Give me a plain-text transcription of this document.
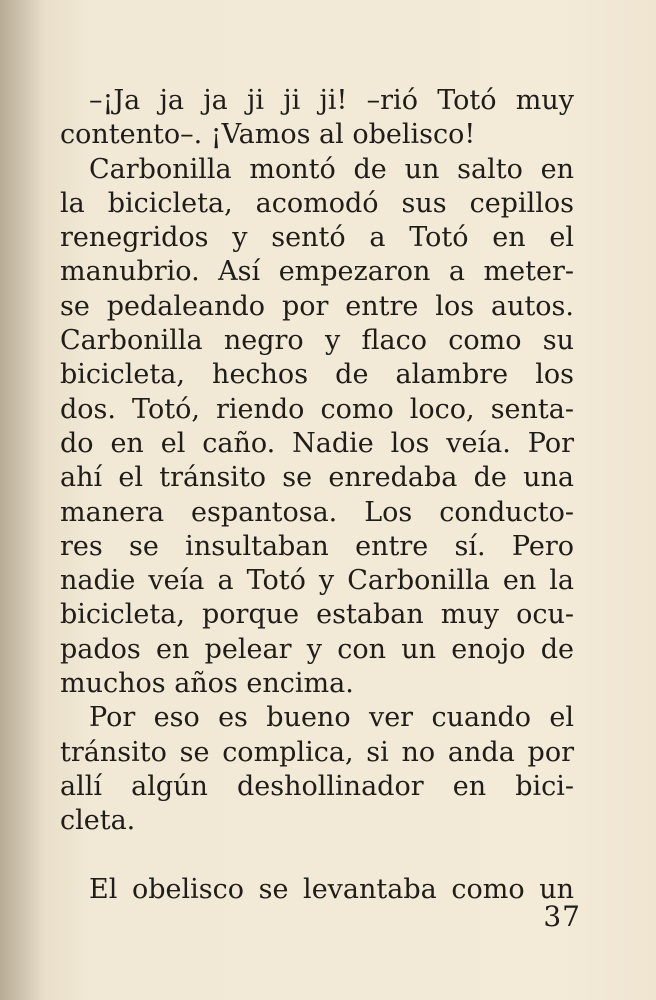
–¡Ja ja ja ji ji ji! –rió Totó muy
contento–. ¡Vamos al obelisco!
Carbonilla montó de un salto en
la bicicleta, acomodó sus cepillos
renegridos y sentó a Totó en el
manubrio. Así empezaron a meter-
se pedaleando por entre los autos.
Carbonilla negro y flaco como su
bicicleta, hechos de alambre los
dos. Totó, riendo como loco, senta-
do en el caño. Nadie los veía. Por
ahí el tránsito se enredaba de una
manera espantosa. Los conducto-
res se insultaban entre sí. Pero
nadie veía a Totó y Carbonilla en la
bicicleta, porque estaban muy ocu-
pados en pelear y con un enojo de
muchos años encima.
Por eso es bueno ver cuando el
tránsito se complica, si no anda por
allí algún deshollinador en bici-
cleta.
El obelisco se levantaba como un
37
